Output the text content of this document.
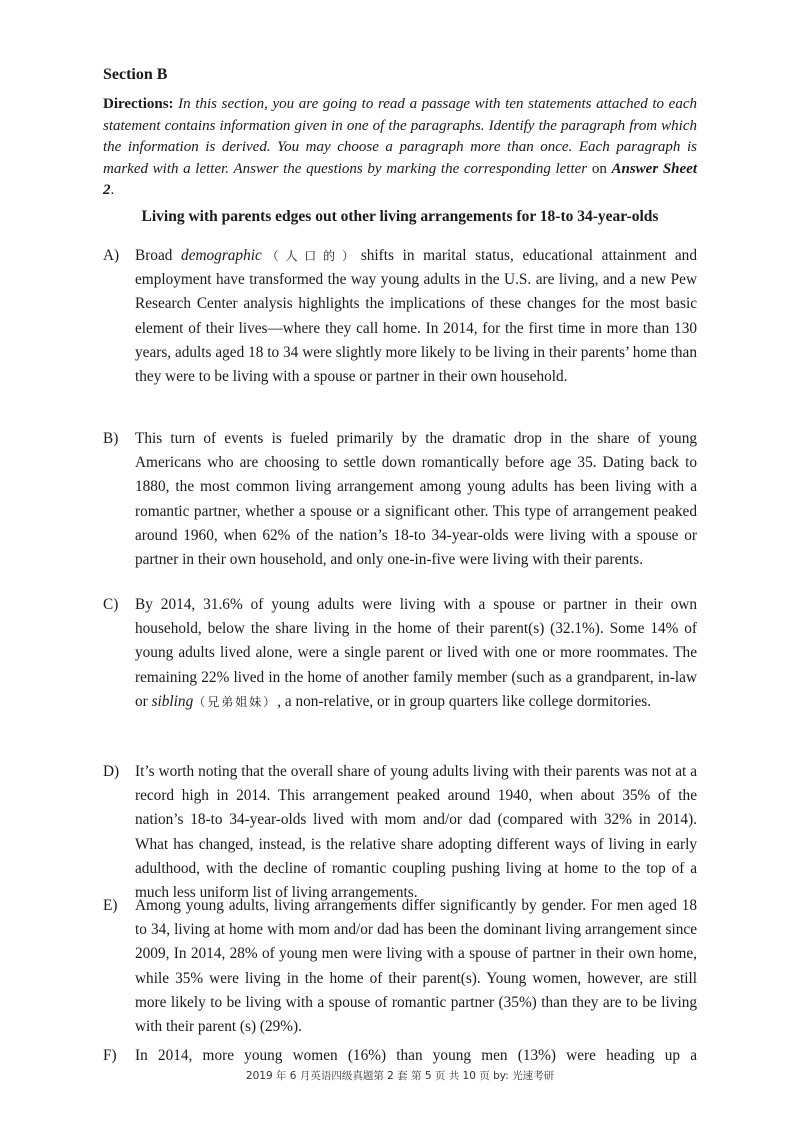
Section B

Directions: In this section, you are going to read a passage with ten statements attached to each statement contains information given in one of the paragraphs. Identify the paragraph from which the information is derived. You may choose a paragraph more than once. Each paragraph is marked with a letter. Answer the questions by marking the corresponding letter on Answer Sheet 2.

Living with parents edges out other living arrangements for 18-to 34-year-olds
A)	Broad demographic（人口的）shifts in marital status, educational attainment and employment have transformed the way young adults in the U.S. are living, and a new Pew Research Center analysis highlights the implications of these changes for the most basic element of their lives—where they call home. In 2014, for the first time in more than 130 years, adults aged 18 to 34 were slightly more likely to be living in their parents’ home than they were to be living with a spouse or partner in their own household.
B)	This turn of events is fueled primarily by the dramatic drop in the share of young Americans who are choosing to settle down romantically before age 35. Dating back to 1880, the most common living arrangement among young adults has been living with a romantic partner, whether a spouse or a significant other. This type of arrangement peaked around 1960, when 62% of the nation’s 18-to 34-year-olds were living with a spouse or partner in their own household, and only one-in-five were living with their parents.
C)	By 2014, 31.6% of young adults were living with a spouse or partner in their own household, below the share living in the home of their parent(s) (32.1%). Some 14% of young adults lived alone, were a single parent or lived with one or more roommates. The remaining 22% lived in the home of another family member (such as a grandparent, in-law or sibling（兄弟姐妹）, a non-relative, or in group quarters like college dormitories.
D)	It’s worth noting that the overall share of young adults living with their parents was not at a record high in 2014. This arrangement peaked around 1940, when about 35% of the nation’s 18-to 34-year-olds lived with mom and/or dad (compared with 32% in 2014). What has changed, instead, is the relative share adopting different ways of living in early adulthood, with the decline of romantic coupling pushing living at home to the top of a much less uniform list of living arrangements.
E)	Among young adults, living arrangements differ significantly by gender. For men aged 18 to 34, living at home with mom and/or dad has been the dominant living arrangement since 2009, In 2014, 28% of young men were living with a spouse of partner in their own home, while 35% were living in the home of their parent(s). Young women, however, are still more likely to be living with a spouse of romantic partner (35%) than they are to be living with their parent (s) (29%).
F)	In 2014, more young women (16%) than young men (13%) were heading up a

2019 年 6 月英语四级真题第 2 套 第 5 页 共 10 页 by: 光速考研
